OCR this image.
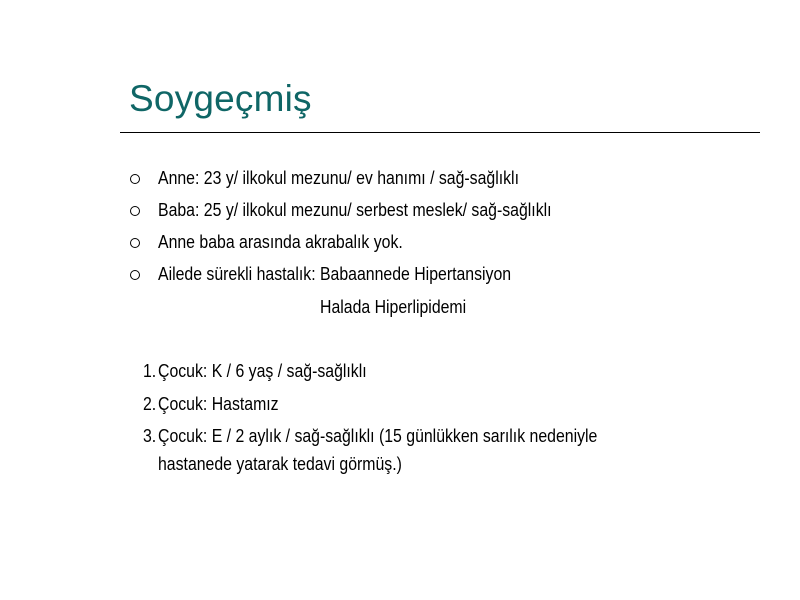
Soygeçmiş
Anne: 23 y/ ilkokul mezunu/ ev hanımı / sağ-sağlıklı
Baba: 25 y/ ilkokul mezunu/ serbest meslek/ sağ-sağlıklı
Anne baba arasında akrabalık yok.
Ailede sürekli hastalık: Babaannede Hipertansiyon
Halada Hiperlipidemi
1. Çocuk: K / 6 yaş / sağ-sağlıklı
2. Çocuk: Hastamız
3. Çocuk: E / 2 aylık / sağ-sağlıklı (15 günlükken sarılık nedeniyle
hastanede yatarak tedavi görmüş.)
